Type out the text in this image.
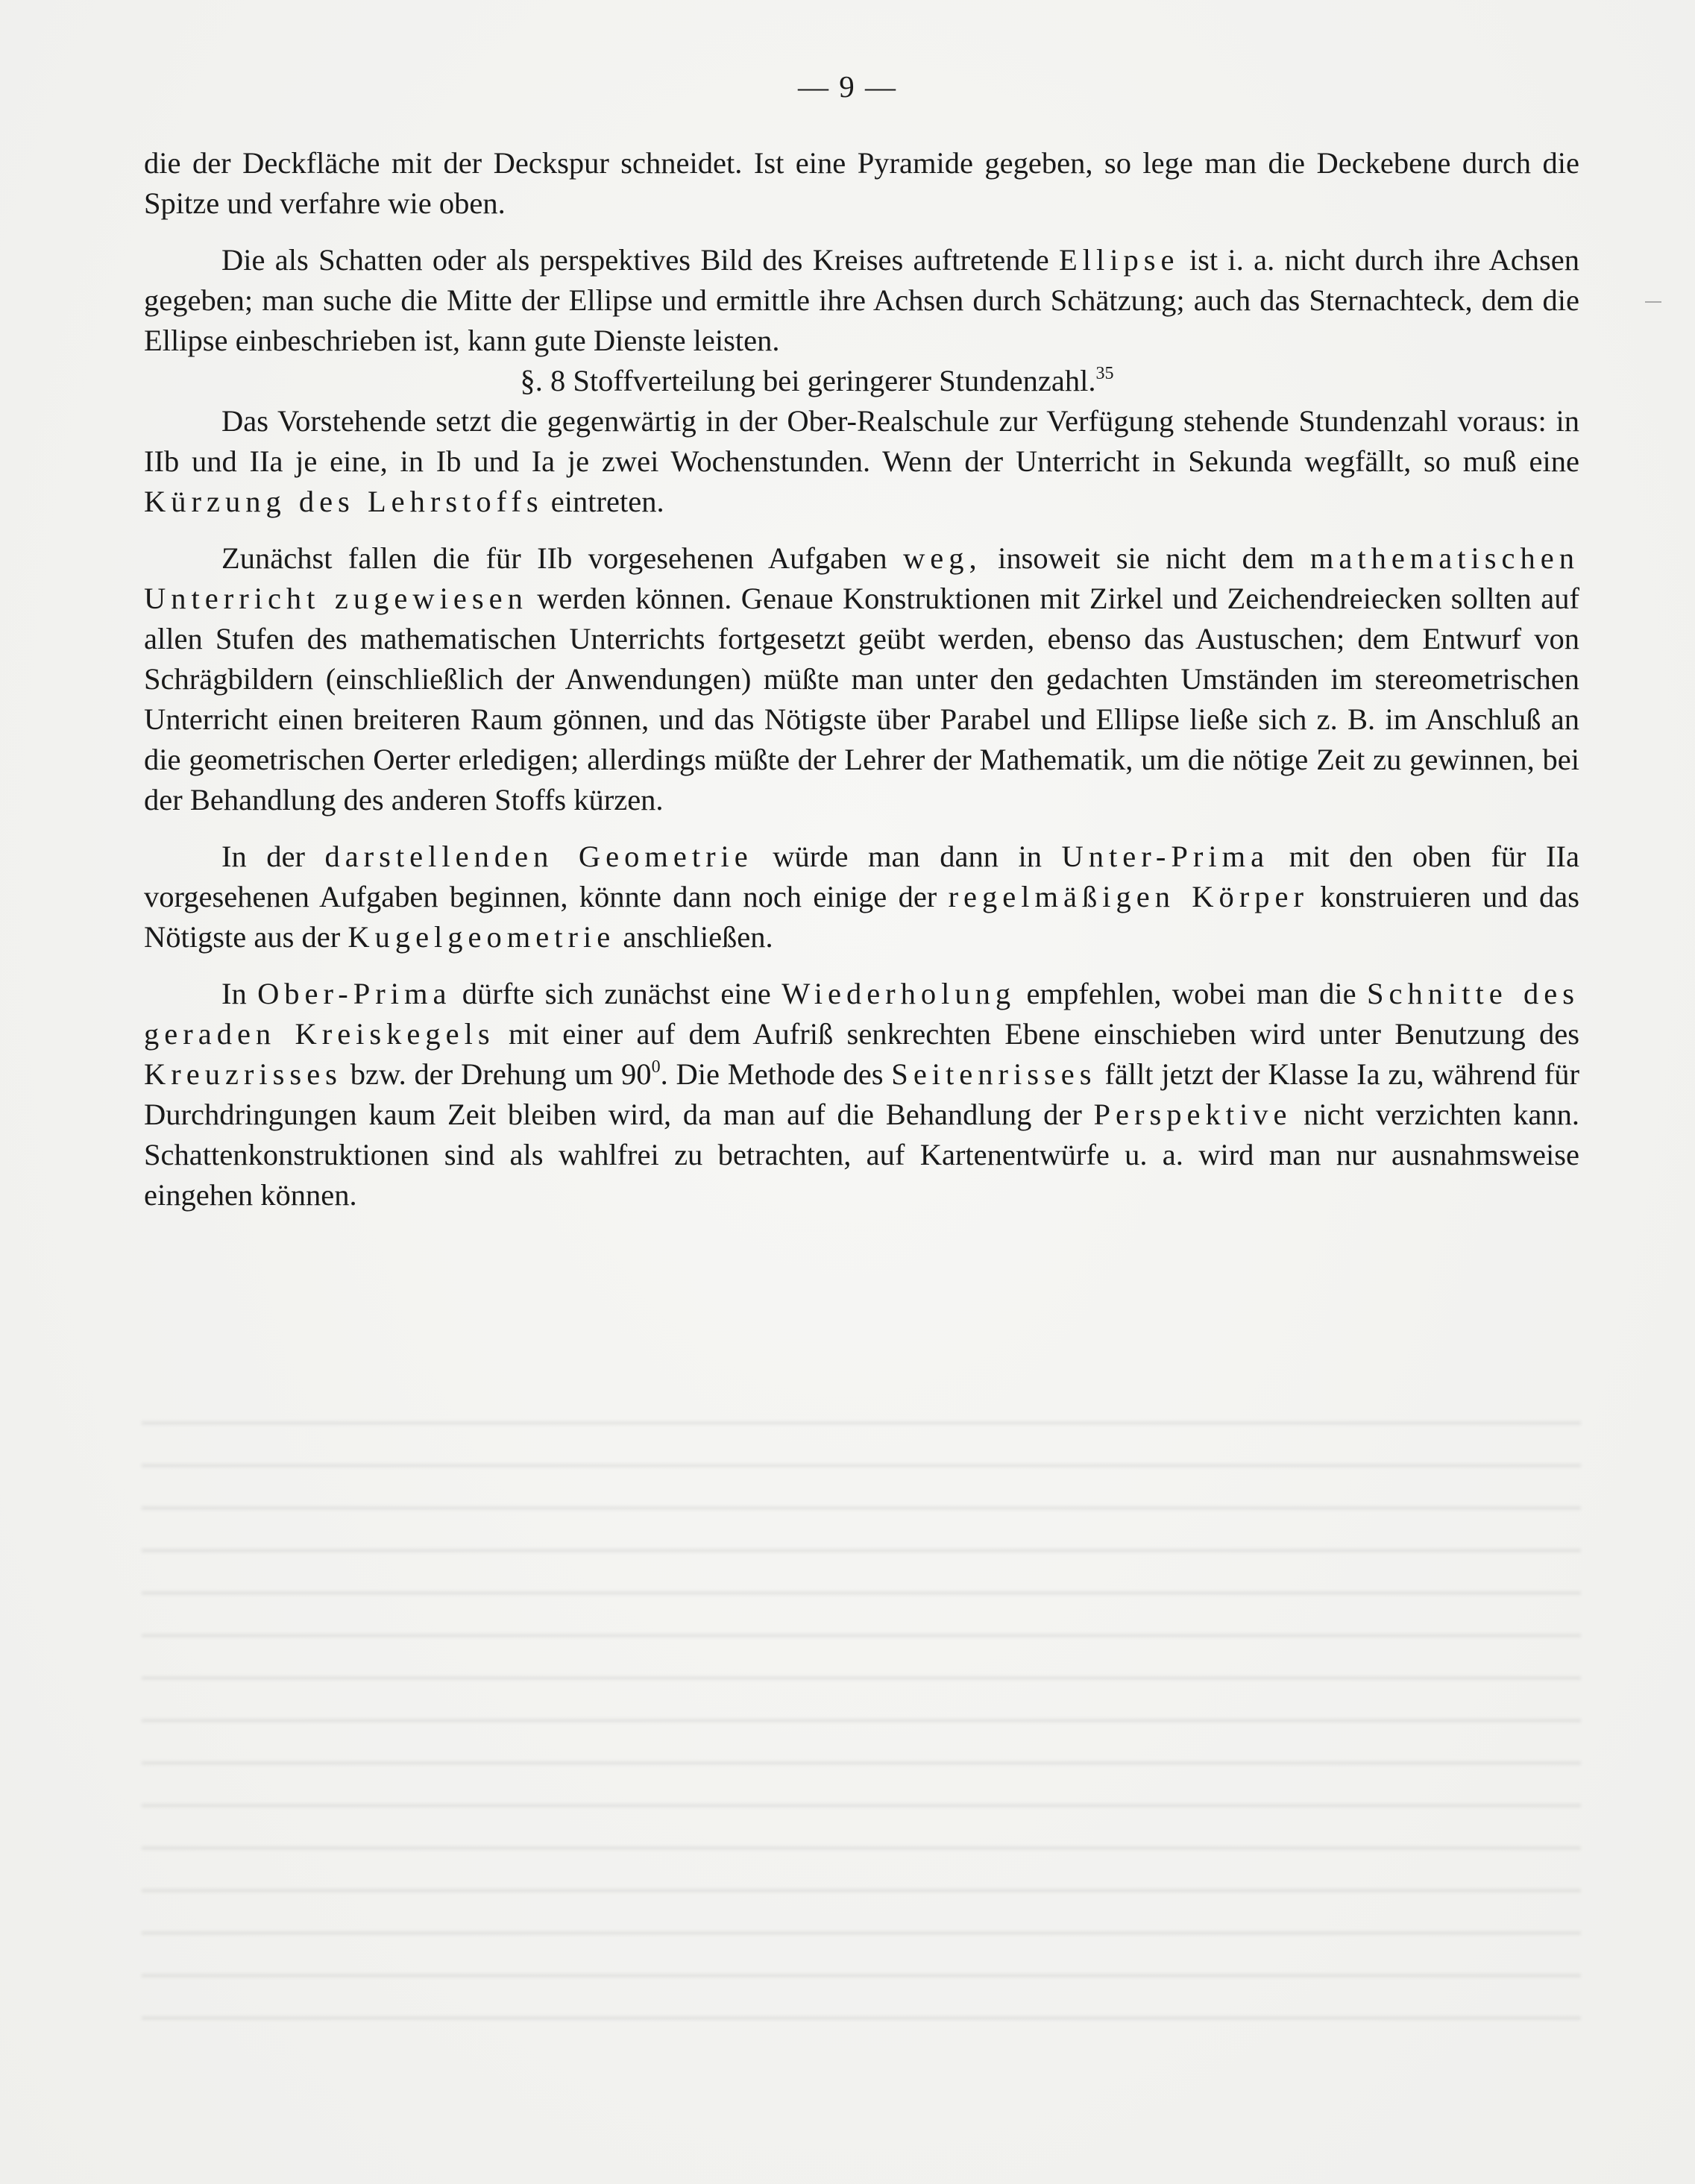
— 9 —

die der Deckfläche mit der Deckspur schneidet. Ist eine Pyramide gegeben, so lege man die Deckebene durch die Spitze und verfahre wie oben.

Die als Schatten oder als perspektives Bild des Kreises auftretende Ellipse ist i. a. nicht durch ihre Achsen gegeben; man suche die Mitte der Ellipse und ermittle ihre Achsen durch Schätzung; auch das Sternachteck, dem die Ellipse einbeschrieben ist, kann gute Dienste leisten.

§. 8 Stoffverteilung bei geringerer Stundenzahl.$^{35}$

Das Vorstehende setzt die gegenwärtig in der Ober-Realschule zur Verfügung stehende Stundenzahl voraus: in IIb und IIa je eine, in Ib und Ia je zwei Wochenstunden. Wenn der Unterricht in Sekunda wegfällt, so muß eine Kürzung des Lehrstoffs eintreten.

Zunächst fallen die für IIb vorgesehenen Aufgaben weg, insoweit sie nicht dem mathematischen Unterricht zugewiesen werden können. Genaue Konstruktionen mit Zirkel und Zeichendreiecken sollten auf allen Stufen des mathematischen Unterrichts fortgesetzt geübt werden, ebenso das Austuschen; dem Entwurf von Schrägbildern (einschließlich der Anwendungen) müßte man unter den gedachten Umständen im stereometrischen Unterricht einen breiteren Raum gönnen, und das Nötigste über Parabel und Ellipse ließe sich z. B. im Anschluß an die geometrischen Oerter erledigen; allerdings müßte der Lehrer der Mathematik, um die nötige Zeit zu gewinnen, bei der Behandlung des anderen Stoffs kürzen.

In der darstellenden Geometrie würde man dann in Unter-Prima mit den oben für IIa vorgesehenen Aufgaben beginnen, könnte dann noch einige der regelmäßigen Körper konstruieren und das Nötigste aus der Kugelgeometrie anschließen.

In Ober-Prima dürfte sich zunächst eine Wiederholung empfehlen, wobei man die Schnitte des geraden Kreiskegels mit einer auf dem Aufriß senkrechten Ebene einschieben wird unter Benutzung des Kreuzrisses bzw. der Drehung um $90^0$. Die Methode des Seitenrisses fällt jetzt der Klasse Ia zu, während für Durchdringungen kaum Zeit bleiben wird, da man auf die Behandlung der Perspektive nicht verzichten kann. Schattenkonstruktionen sind als wahlfrei zu betrachten, auf Kartenentwürfe u. a. wird man nur ausnahmsweise eingehen können.
